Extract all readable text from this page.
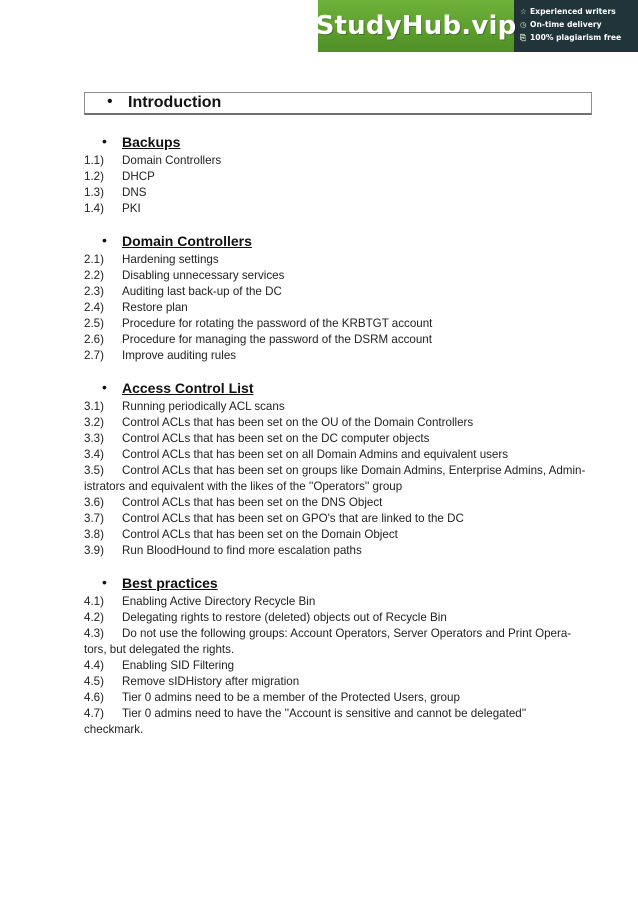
StudyHub.vip ☆ Experienced writers
◷ On-time delivery
⎘ 100% plagiarism free
• Introduction
• Backups
1.1)	Domain Controllers
1.2)	DHCP
1.3)	DNS
1.4)	PKI
• Domain Controllers
2.1)	Hardening settings
2.2)	Disabling unnecessary services
2.3)	Auditing last back-up of the DC
2.4)	Restore plan
2.5)	Procedure for rotating the password of the KRBTGT account
2.6)	Procedure for managing the password of the DSRM account
2.7)	Improve auditing rules
• Access Control List
3.1)	Running periodically ACL scans
3.2)	Control ACLs that has been set on the OU of the Domain Controllers
3.3)	Control ACLs that has been set on the DC computer objects
3.4)	Control ACLs that has been set on all Domain Admins and equivalent users
3.5)	Control ACLs that has been set on groups like Domain Admins, Enterprise Admins, Admin-
istrators and equivalent with the likes of the ''Operators'' group
3.6)	Control ACLs that has been set on the DNS Object
3.7)	Control ACLs that has been set on GPO's that are linked to the DC
3.8)	Control ACLs that has been set on the Domain Object
3.9)	Run BloodHound to find more escalation paths
• Best practices
4.1)	Enabling Active Directory Recycle Bin
4.2)	Delegating rights to restore (deleted) objects out of Recycle Bin
4.3)	Do not use the following groups: Account Operators, Server Operators and Print Opera-
tors, but delegated the rights.
4.4)	Enabling SID Filtering
4.5)	Remove sIDHistory after migration
4.6)	Tier 0 admins need to be a member of the Protected Users, group
4.7)	Tier 0 admins need to have the ''Account is sensitive and cannot be delegated''
checkmark.
